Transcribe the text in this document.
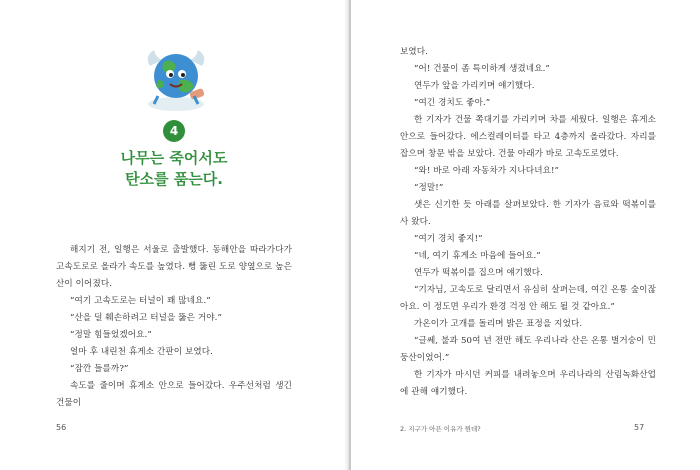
4
나무는 죽어서도
탄소를 품는다.

해지기 전, 일행은 서울로 출발했다. 동해안을 따라가다가 고속도로로 올라가 속도를 높였다. 뻥 뚫린 도로 양옆으로 높은 산이 이어졌다.

“여기 고속도로는 터널이 꽤 많네요.”

“산을 덜 훼손하려고 터널을 뚫은 거야.”

“정말 힘들었겠어요.”

얼마 후 내린천 휴게소 간판이 보였다.

“잠깐 들를까?”

속도를 줄이며 휴게소 안으로 들어갔다. 우주선처럼 생긴 건물이

56

보였다.

“어! 건물이 좀 특이하게 생겼네요.”

연두가 앞을 가리키며 얘기했다.

“여긴 경치도 좋아.”

한 기자가 건물 쪽대기를 가리키며 차를 세웠다. 일행은 휴게소 안으로 들어갔다. 에스컬레이터를 타고 4층까지 올라갔다. 자리를 잡으며 창문 밖을 보았다. 건물 아래가 바로 고속도로였다.

“와! 바로 아래 자동차가 지나다녀요!”

“정말!”

샛은 신기한 듯 아래를 살펴보았다. 한 기자가 음료와 떡볶이를 사 왔다.

“여기 경치 좋지!”

“네, 여기 휴게소 마음에 들어요.”

연두가 떡볶이를 집으며 얘기했다.

“기자님, 고속도로 달리면서 유심히 살펴는데, 여긴 온통 숲이잖아요. 이 정도면 우리가 환경 걱정 안 해도 될 것 같아요.”

가온이가 고개를 돌리며 밝은 표정을 지었다.

“글쎄, 불과 50여 년 전만 해도 우리나라 산은 온통 벌거숭이 민둥산이었어.”

한 기자가 마시던 커피를 내려놓으며 우리나라의 산림녹화산업에 관해 얘기했다.

2. 지구가 아픈 이유가 뭔데?	57
